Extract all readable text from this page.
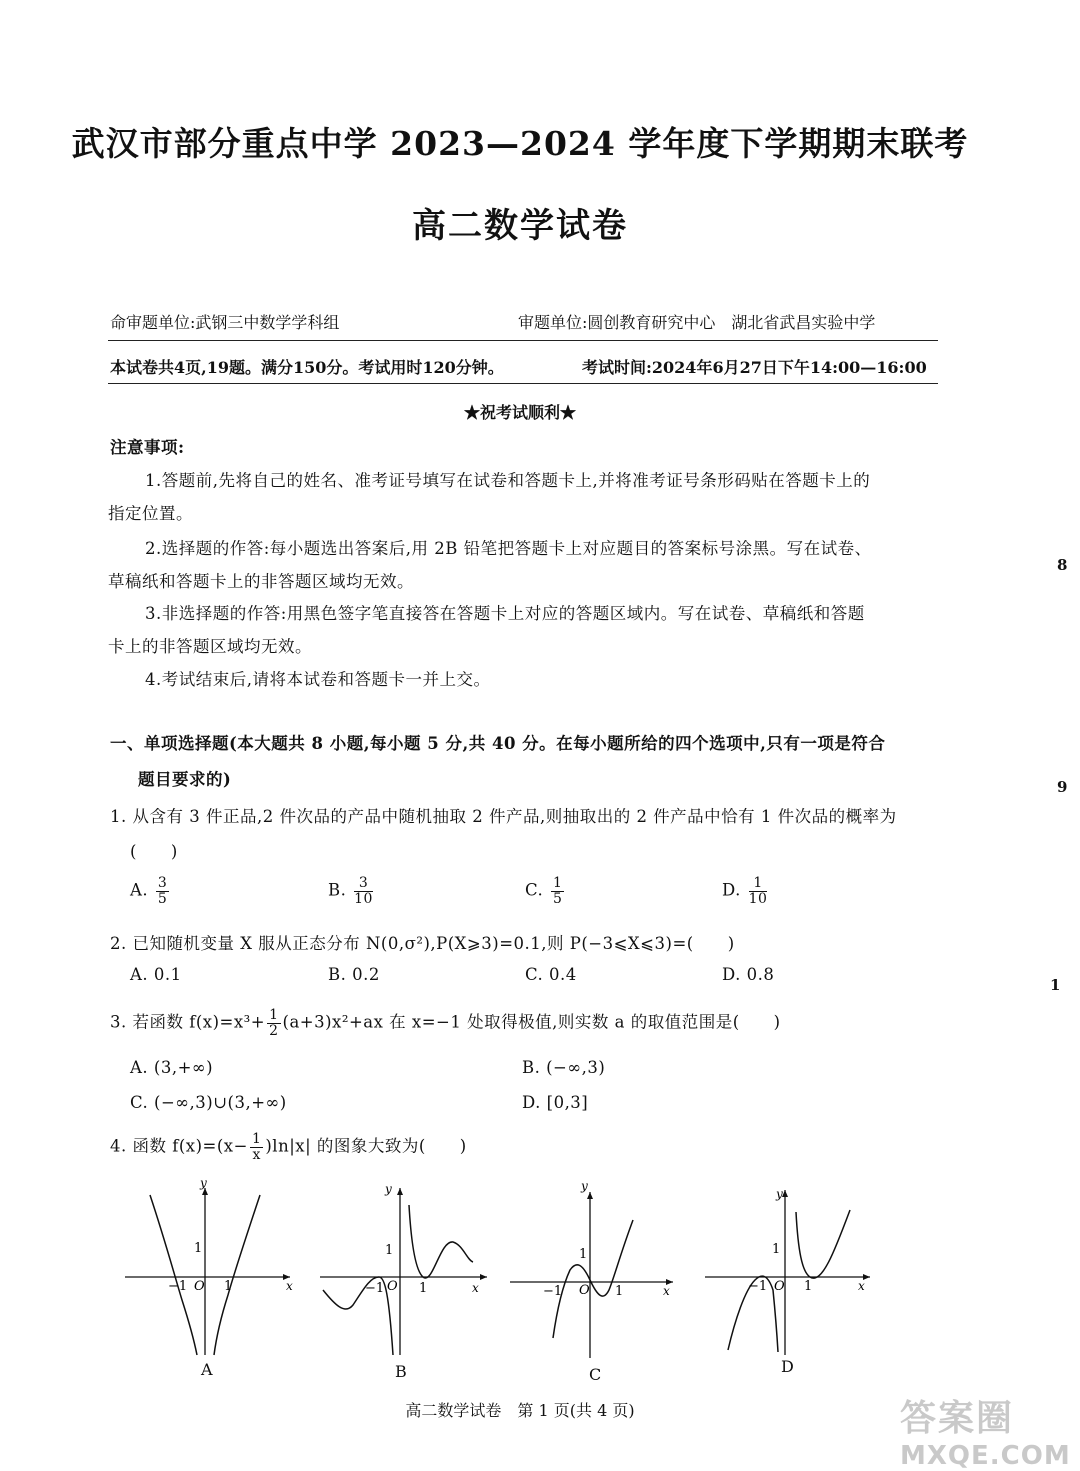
武汉市部分重点中学 2023—2024 学年度下学期期末联考
高二数学试卷
命审题单位:武钢三中数学学科组	审题单位:圆创教育研究中心　湖北省武昌实验中学
本试卷共4页,19题。满分150分。考试用时120分钟。	考试时间:2024年6月27日下午14:00—16:00
★祝考试顺利★
注意事项:
1.答题前,先将自己的姓名、准考证号填写在试卷和答题卡上,并将准考证号条形码贴在答题卡上的
指定位置。
2.选择题的作答:每小题选出答案后,用 2B 铅笔把答题卡上对应题目的答案标号涂黑。写在试卷、
草稿纸和答题卡上的非答题区域均无效。
3.非选择题的作答:用黑色签字笔直接答在答题卡上对应的答题区域内。写在试卷、草稿纸和答题
卡上的非答题区域均无效。
4.考试结束后,请将本试卷和答题卡一并上交。
一、单项选择题(本大题共 8 小题,每小题 5 分,共 40 分。在每小题所给的四个选项中,只有一项是符合
题目要求的)
1. 从含有 3 件正品,2 件次品的产品中随机抽取 2 件产品,则抽取出的 2 件产品中恰有 1 件次品的概率为
(　　)
A. $\frac{3}{5}$	B. $\frac{3}{10}$	C. $\frac{1}{5}$	D. $\frac{1}{10}$
2. 已知随机变量 X 服从正态分布 N(0,σ²),P(X⩾3)=0.1,则 P(−3⩽X⩽3)=(　　)
A. 0.1	B. 0.2	C. 0.4	D. 0.8
3. 若函数 $f(x)=x^3+ \frac{1}{2} (a+3)x^2+ax$ 在 x=−1 处取得极值,则实数 a 的取值范围是(　　)
A. (3,+∞)	B. (−∞,3)
C. (−∞,3)∪(3,+∞)	D. [0,3]
4. 函数 $f(x)=(x- \frac{1}{x} )\ln|x|$ 的图象大致为(　　)
y
x
O
1
−1	1
A
y
x
O
1
−1	1
B
y
x
O
1
−1	1
C
y
x
O
1
−1	1
D
8
9
1
高二数学试卷　第 1 页(共 4 页)	答案圈
MXQE.COM
